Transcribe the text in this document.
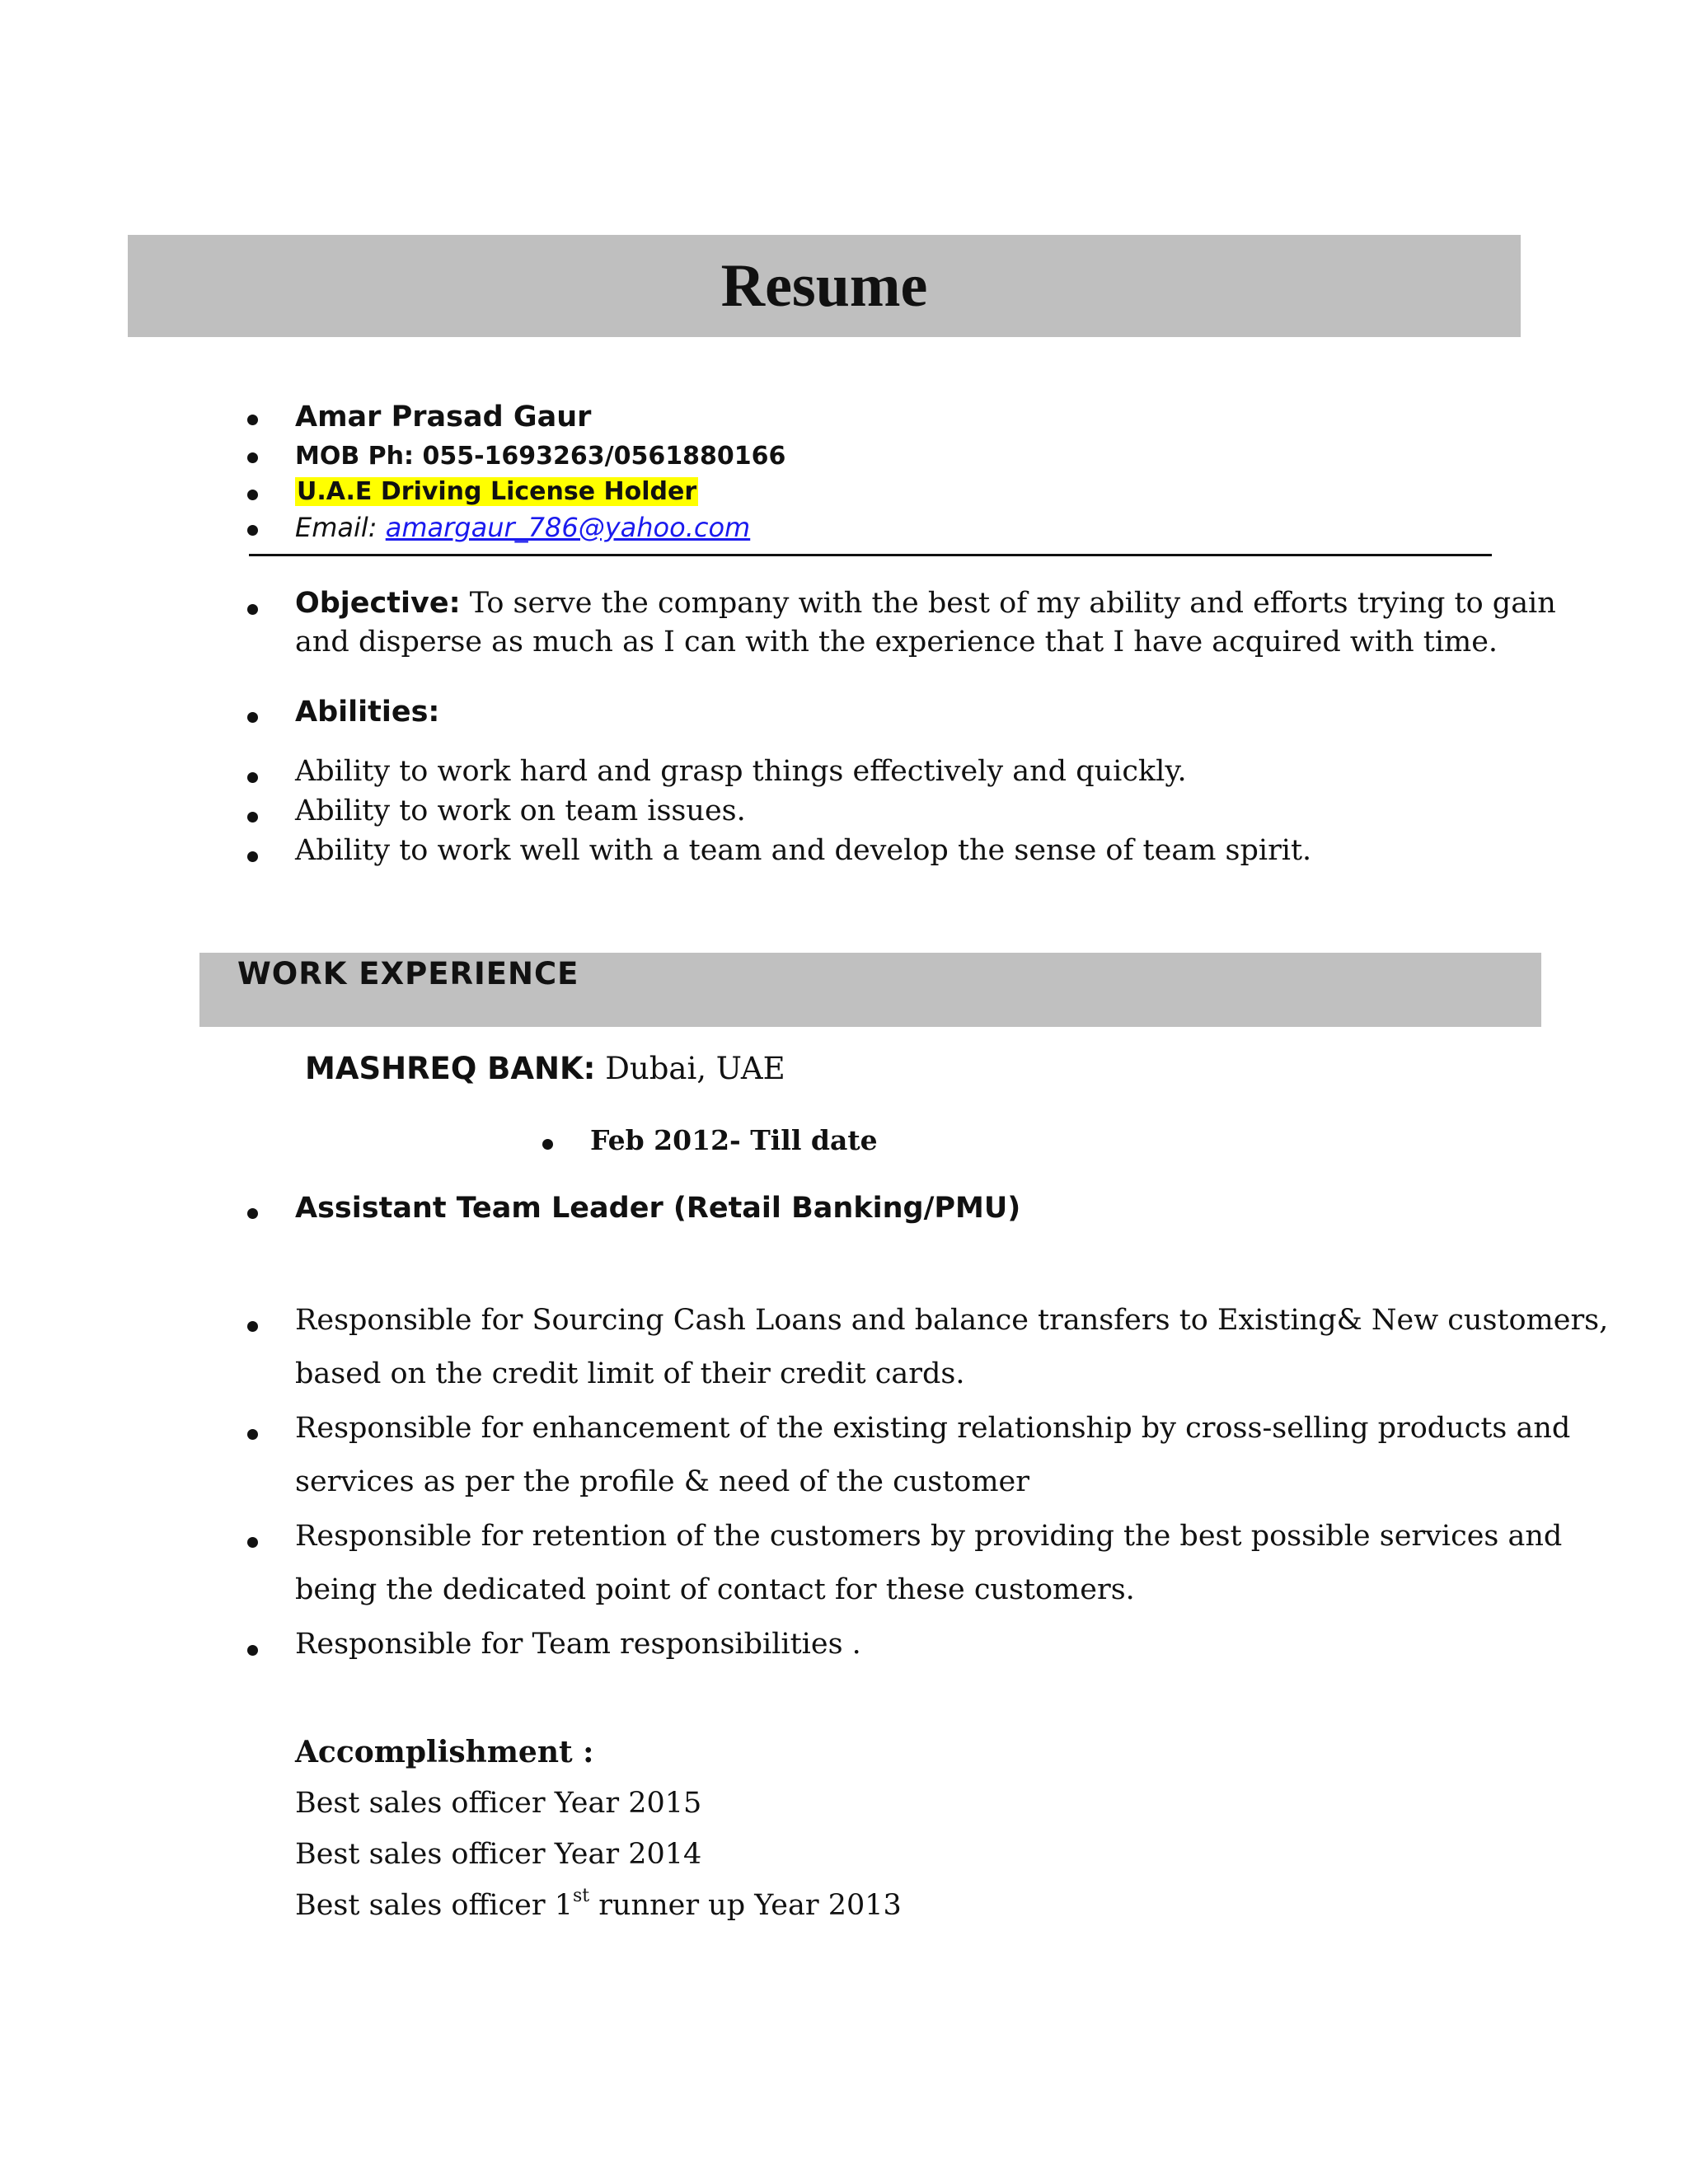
Resume
Amar Prasad Gaur
MOB Ph: 055-1693263/0561880166
U.A.E Driving License Holder
Email: amargaur_786@yahoo.com
Objective: To serve the company with the best of my ability and efforts trying to gain
and disperse as much as I can with the experience that I have acquired with time.
Abilities:
Ability to work hard and grasp things effectively and quickly.
Ability to work on team issues.
Ability to work well with a team and develop the sense of team spirit.
WORK EXPERIENCE
MASHREQ BANK: Dubai, UAE
Feb 2012- Till date
Assistant Team Leader (Retail Banking/PMU)
Responsible for Sourcing Cash Loans and balance transfers to Existing& New customers,
based on the credit limit of their credit cards.
Responsible for enhancement of the existing relationship by cross-selling products and
services as per the profile & need of the customer
Responsible for retention of the customers by providing the best possible services and
being the dedicated point of contact for these customers.
Responsible for Team responsibilities .
Accomplishment :
Best sales officer Year 2015
Best sales officer Year 2014
Best sales officer 1st runner up Year 2013
